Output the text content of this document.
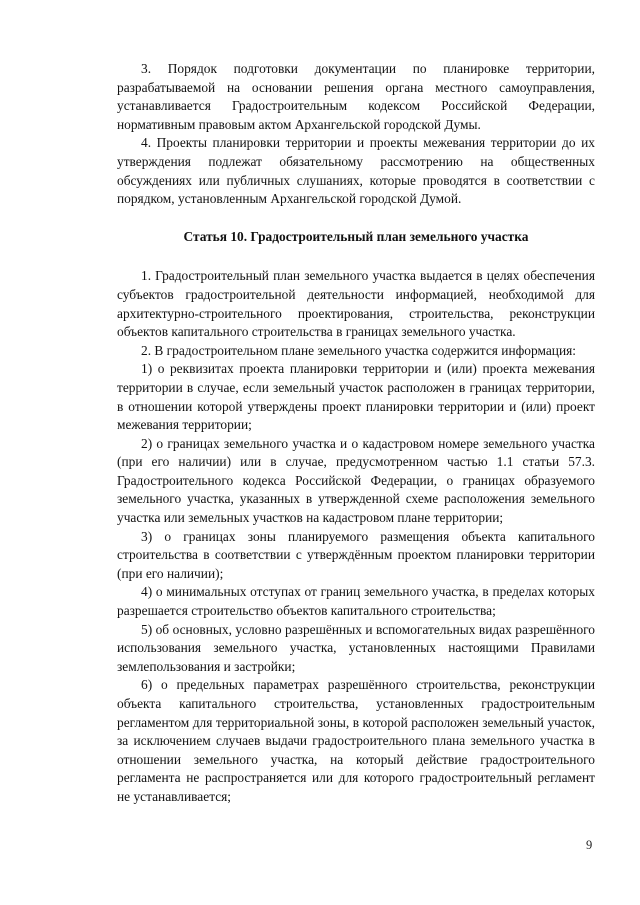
3. Порядок подготовки документации по планировке территории, разрабатываемой на основании решения органа местного самоуправления, устанавливается Градостроительным кодексом Российской Федерации, нормативным правовым актом Архангельской городской Думы.

4. Проекты планировки территории и проекты межевания территории до их утверждения подлежат обязательному рассмотрению на общественных обсуждениях или публичных слушаниях, которые проводятся в соответствии с порядком, установленным Архангельской городской Думой.

Статья 10. Градостроительный план земельного участка

1. Градостроительный план земельного участка выдается в целях обеспечения субъектов градостроительной деятельности информацией, необходимой для архитектурно-строительного проектирования, строительства, реконструкции объектов капитального строительства в границах земельного участка.

2. В градостроительном плане земельного участка содержится информация:

1) о реквизитах проекта планировки территории и (или) проекта межевания территории в случае, если земельный участок расположен в границах территории, в отношении которой утверждены проект планировки территории и (или) проект межевания территории;

2) о границах земельного участка и о кадастровом номере земельного участка (при его наличии) или в случае, предусмотренном частью 1.1 статьи 57.3. Градостроительного кодекса Российской Федерации, о границах образуемого земельного участка, указанных в утвержденной схеме расположения земельного участка или земельных участков на кадастровом плане территории;

3) о границах зоны планируемого размещения объекта капитального строительства в соответствии с утверждённым проектом планировки территории (при его наличии);

4) о минимальных отступах от границ земельного участка, в пределах которых разрешается строительство объектов капитального строительства;

5) об основных, условно разрешённых и вспомогательных видах разрешённого использования земельного участка, установленных настоящими Правилами землепользования и застройки;

6) о предельных параметрах разрешённого строительства, реконструкции объекта капитального строительства, установленных градостроительным регламентом для территориальной зоны, в которой расположен земельный участок, за исключением случаев выдачи градостроительного плана земельного участка в отношении земельного участка, на который действие градостроительного регламента не распространяется или для которого градостроительный регламент не устанавливается;

9
